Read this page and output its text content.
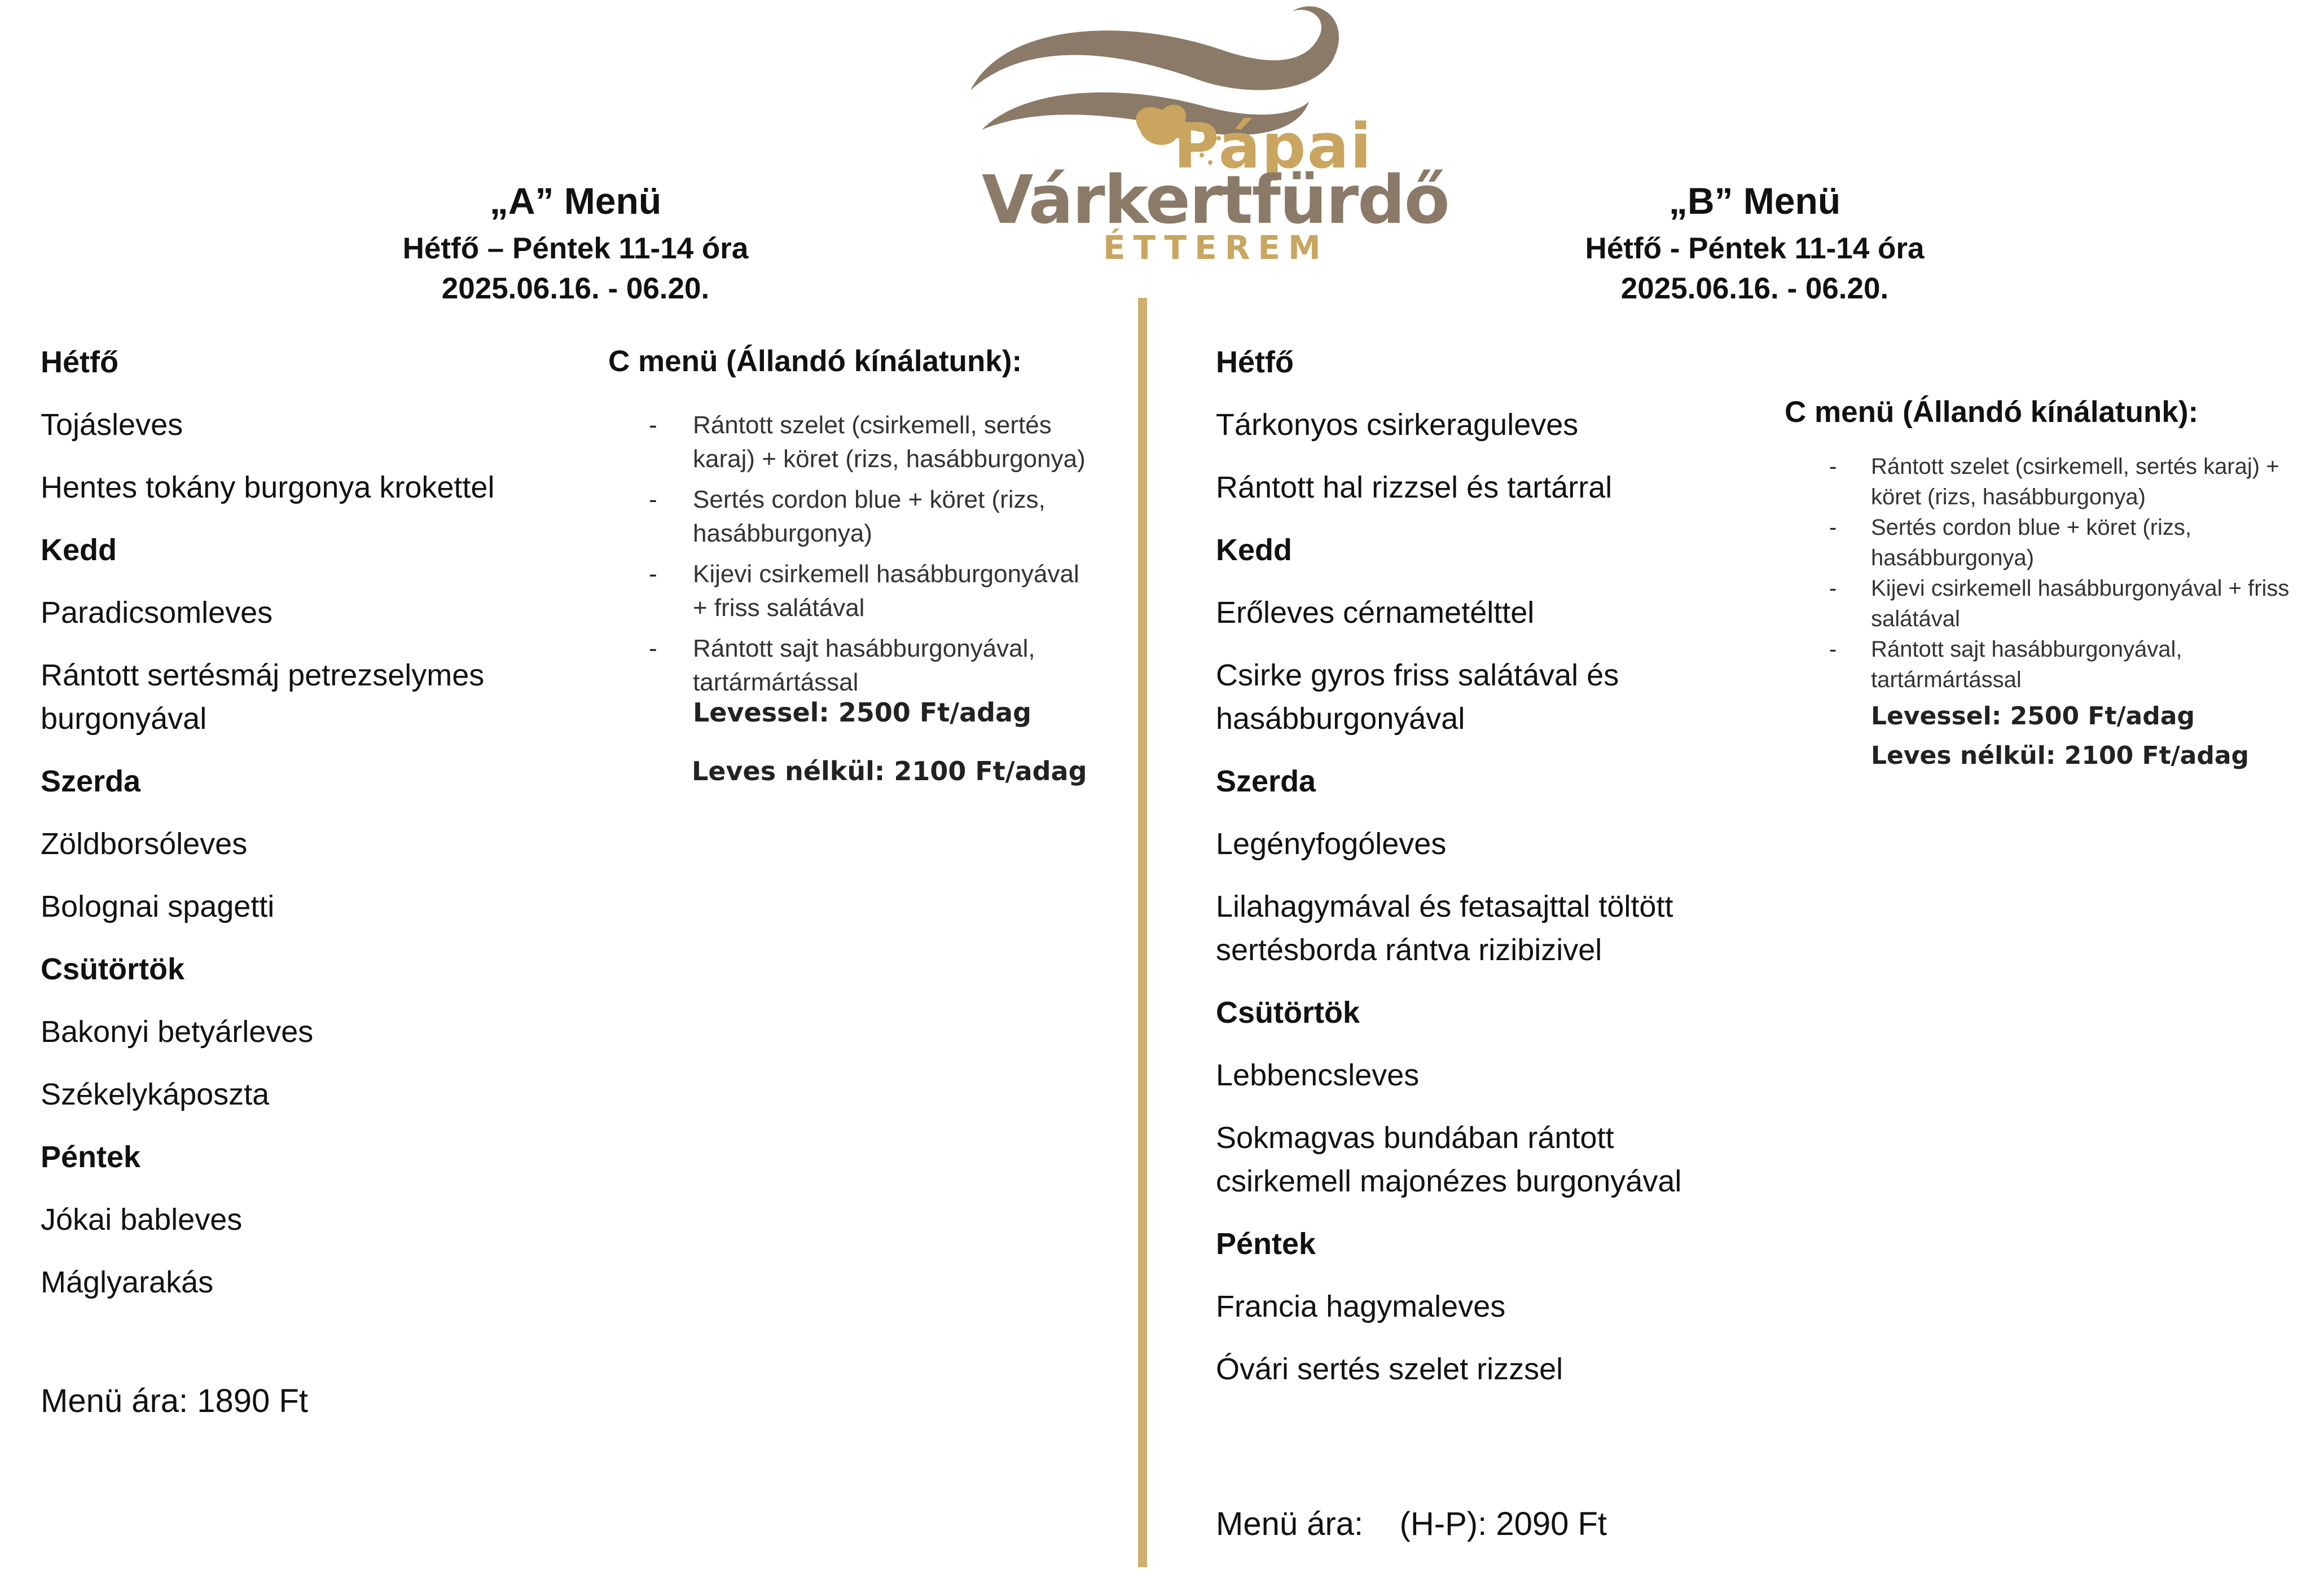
Pápai
Várkertfürdő
ÉTTEREM
„A” Menü
Hétfő – Péntek 11-14 óra
2025.06.16. - 06.20.
„B” Menü
Hétfő - Péntek 11-14 óra
2025.06.16. - 06.20.
Hétfő
Tojásleves
Hentes tokány burgonya krokettel
Kedd
Paradicsomleves
Rántott sertésmáj petrezselymes burgonyával
Szerda
Zöldborsóleves
Bolognai spagetti
Csütörtök
Bakonyi betyárleves
Székelykáposzta
Péntek
Jókai bableves
Máglyarakás
Menü ára: 1890 Ft
C menü (Állandó kínálatunk):
- Rántott szelet (csirkemell, sertés karaj) + köret (rizs, hasábburgonya)
- Sertés cordon blue + köret (rizs, hasábburgonya)
- Kijevi csirkemell hasábburgonyával + friss salátával
- Rántott sajt hasábburgonyával, tartármártással
Levessel: 2500 Ft/adag
Leves nélkül: 2100 Ft/adag
Hétfő
Tárkonyos csirkeraguleves
Rántott hal rizzsel és tartárral
Kedd
Erőleves cérnametélttel
Csirke gyros friss salátával és hasábburgonyával
Szerda
Legényfogóleves
Lilahagymával és fetasajttal töltött sertésborda rántva rizibizivel
Csütörtök
Lebbencsleves
Sokmagvas bundában rántott csirkemell majonézes burgonyával
Péntek
Francia hagymaleves
Óvári sertés szelet rizzsel
Menü ára:    (H-P): 2090 Ft
C menü (Állandó kínálatunk):
- Rántott szelet (csirkemell, sertés karaj) + köret (rizs, hasábburgonya)
- Sertés cordon blue + köret (rizs, hasábburgonya)
- Kijevi csirkemell hasábburgonyával + friss salátával
- Rántott sajt hasábburgonyával, tartármártással
Levessel: 2500 Ft/adag
Leves nélkül: 2100 Ft/adag
